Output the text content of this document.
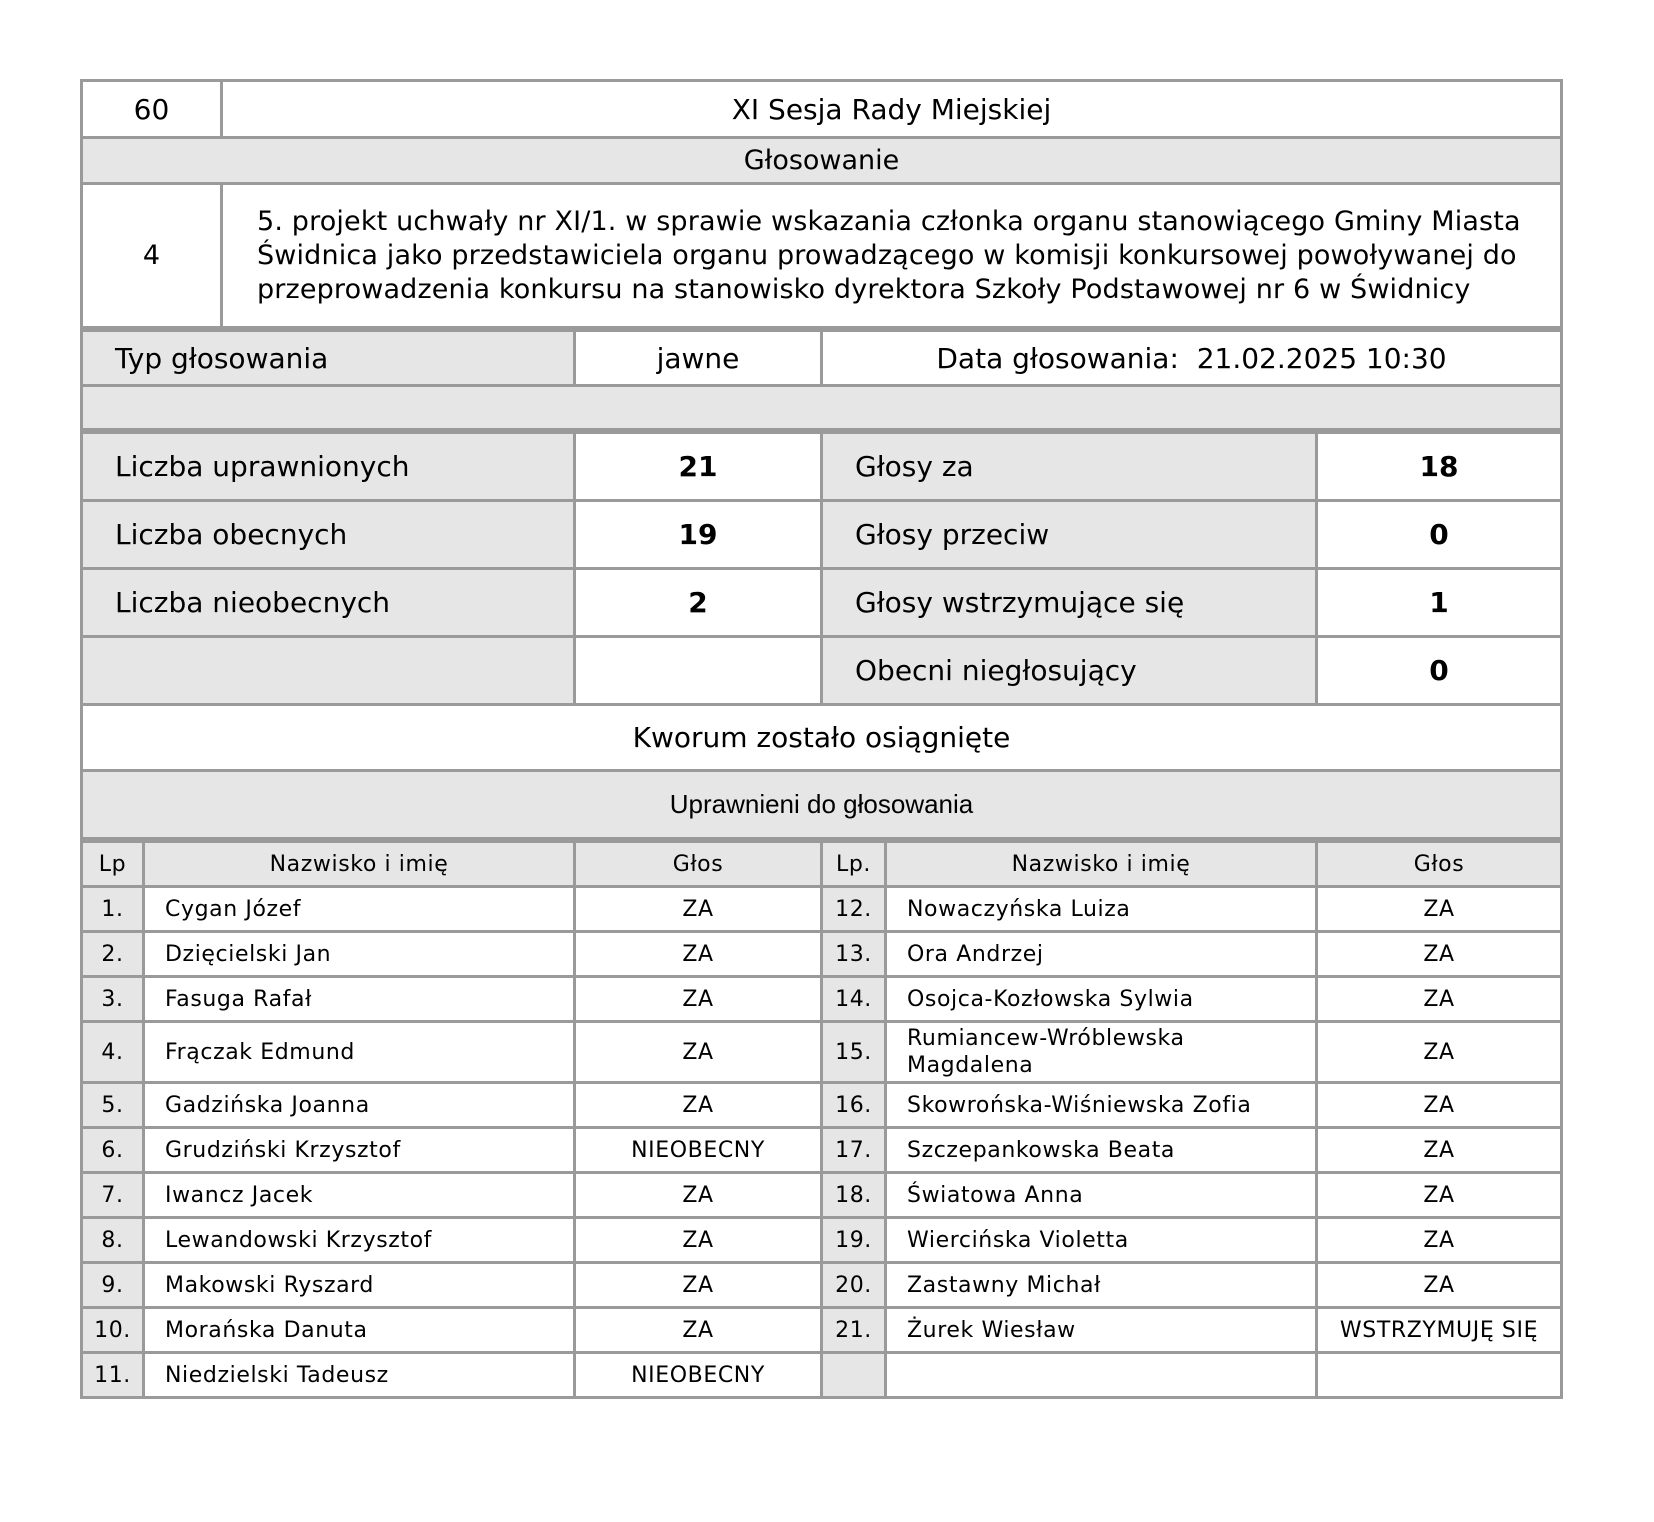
60	XI Sesja Rady Miejskiej
Głosowanie	
4	5. projekt uchwały nr XI/1. w sprawie wskazania członka organu stanowiącego Gminy Miasta Świdnica jako przedstawiciela organu prowadzącego w komisji konkursowej powoływanej do przeprowadzenia konkursu na stanowisko dyrektora Szkoły Podstawowej nr 6 w Świdnicy
Typ głosowania	jawne	Data głosowania: 21.02.2025 10:30

Liczba uprawnionych	21	Głosy za	18
Liczba obecnych	19	Głosy przeciw	0
Liczba nieobecnych	2	Głosy wstrzymujące się	1
		Obecni niegłosujący	0
Kworum zostało osiągnięte			
Uprawnieni do głosowania			
Lp	Nazwisko i imię	Głos	Lp.	Nazwisko i imię	Głos
1.	Cygan Józef	ZA	12.	Nowaczyńska Luiza	ZA
2.	Dzięcielski Jan	ZA	13.	Ora Andrzej	ZA
3.	Fasuga Rafał	ZA	14.	Osojca-Kozłowska Sylwia	ZA
4.	Frączak Edmund	ZA	15.	Rumiancew-Wróblewska Magdalena	ZA
5.	Gadzińska Joanna	ZA	16.	Skowrońska-Wiśniewska Zofia	ZA
6.	Grudziński Krzysztof	NIEOBECNY	17.	Szczepankowska Beata	ZA
7.	Iwancz Jacek	ZA	18.	Światowa Anna	ZA
8.	Lewandowski Krzysztof	ZA	19.	Wiercińska Violetta	ZA
9.	Makowski Ryszard	ZA	20.	Zastawny Michał	ZA
10.	Morańska Danuta	ZA	21.	Żurek Wiesław	WSTRZYMUJĘ SIĘ
11.	Niedzielski Tadeusz	NIEOBECNY			
